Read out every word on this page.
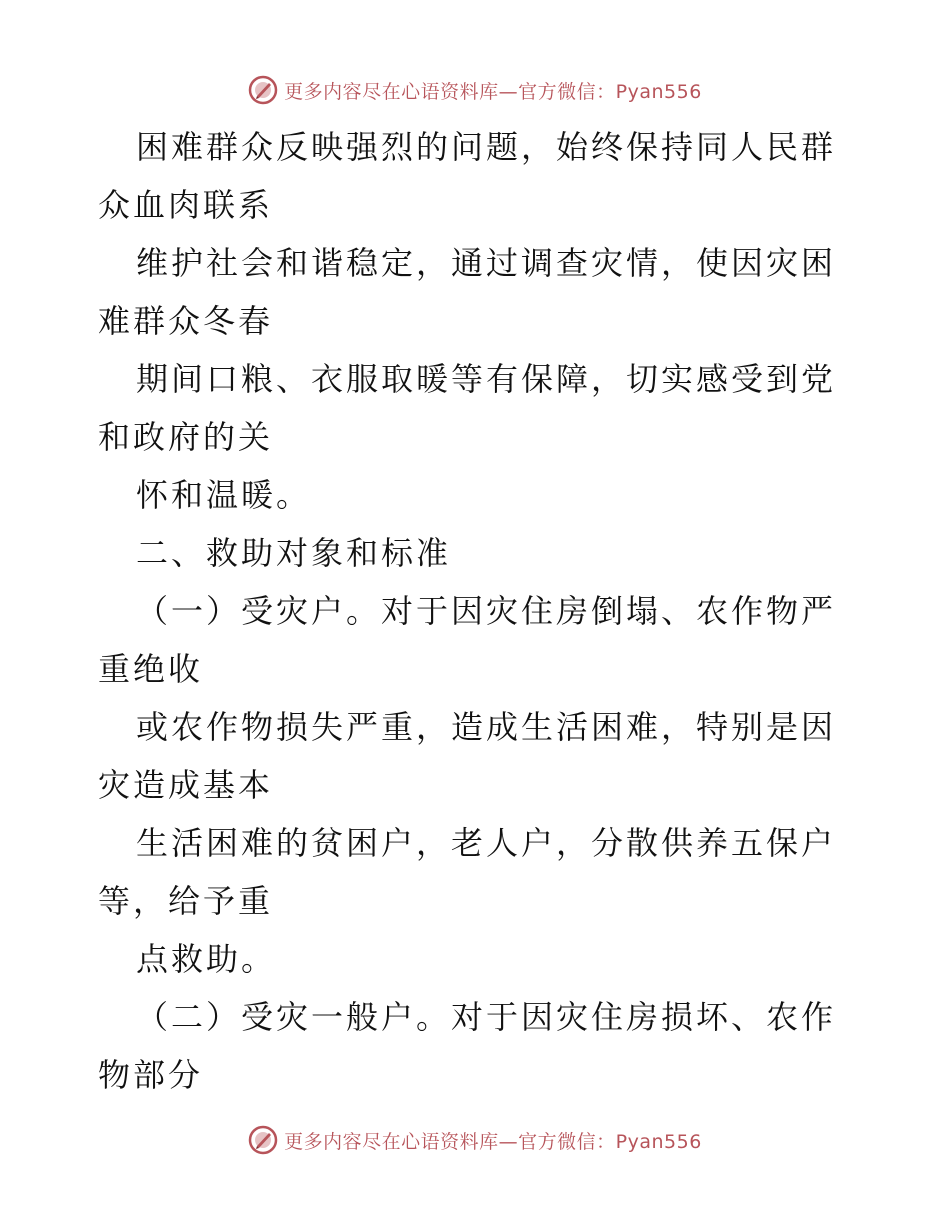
更多内容尽在心语资料库—官方微信：Pyan556

困难群众反映强烈的问题，始终保持同人民群众血肉联系

维护社会和谐稳定，通过调查灾情，使因灾困难群众冬春

期间口粮、衣服取暖等有保障，切实感受到党和政府的关

怀和温暖。

二、救助对象和标准

（一）受灾户。对于因灾住房倒塌、农作物严重绝收

或农作物损失严重，造成生活困难，特别是因灾造成基本

生活困难的贫困户，老人户，分散供养五保户等，给予重

点救助。

（二）受灾一般户。对于因灾住房损坏、农作物部分

更多内容尽在心语资料库—官方微信：Pyan556
